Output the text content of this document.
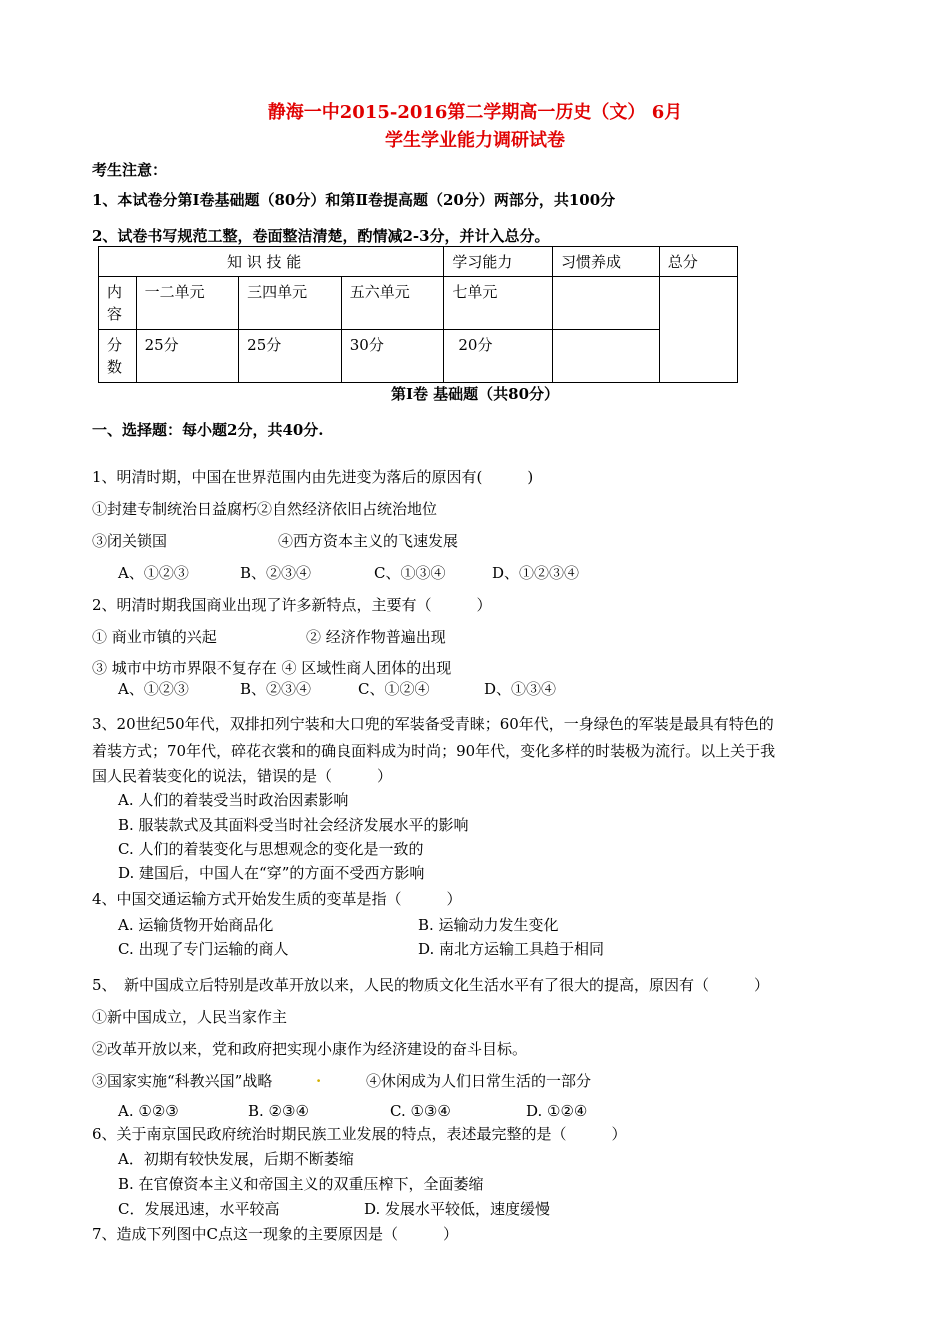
静海一中2015-2016第二学期高一历史（文） 6月
学生学业能力调研试卷
考生注意：
1、本试卷分第Ⅰ卷基础题（80分）和第Ⅱ卷提高题（20分）两部分，共100分
2、试卷书写规范工整，卷面整洁清楚，酌情减2-3分，并计入总分。
知 识 技 能				学习能力	习惯养成	总分
内容	一二单元	三四单元	五六单元	七单元		
分数	25分	25分	30分	20分		
第Ⅰ卷 基础题（共80分）
一、选择题：每小题2分，共40分.
1、明清时期，中国在世界范围内由先进变为落后的原因有(　　　)
①封建专制统治日益腐朽②自然经济依旧占统治地位
③闭关锁国	④西方资本主义的飞速发展
A、①②③	B、②③④	C、①③④	D、①②③④
2、明清时期我国商业出现了许多新特点，主要有（　　　）
① 商业市镇的兴起	② 经济作物普遍出现
③ 城市中坊市界限不复存在 ④ 区域性商人团体的出现
A、①②③	B、②③④	C、①②④	D、①③④
3、20世纪50年代，双排扣列宁装和大口兜的军装备受青睐；60年代，一身绿色的军装是最具有特色的
着装方式；70年代，碎花衣裳和的确良面料成为时尚；90年代，变化多样的时装极为流行。以上关于我
国人民着装变化的说法，错误的是（　　　）
A. 人们的着装受当时政治因素影响
B. 服装款式及其面料受当时社会经济发展水平的影响
C. 人们的着装变化与思想观念的变化是一致的
D. 建国后，中国人在“穿”的方面不受西方影响
4、中国交通运输方式开始发生质的变革是指（　　　）
A. 运输货物开始商品化	B. 运输动力发生变化
C. 出现了专门运输的商人	D. 南北方运输工具趋于相同
5、　新中国成立后特别是改革开放以来，人民的物质文化生活水平有了很大的提高，原因有（　　　）
①新中国成立，人民当家作主
②改革开放以来，党和政府把实现小康作为经济建设的奋斗目标。
③国家实施“科教兴国”战略	.	④休闲成为人们日常生活的一部分
A. ①②③	B. ②③④	C. ①③④	D. ①②④
6、关于南京国民政府统治时期民族工业发展的特点，表述最完整的是（　　　）
A．初期有较快发展，后期不断萎缩
B. 在官僚资本主义和帝国主义的双重压榨下，全面萎缩
C．发展迅速，水平较高	D. 发展水平较低，速度缓慢
7、造成下列图中C点这一现象的主要原因是（　　　）
